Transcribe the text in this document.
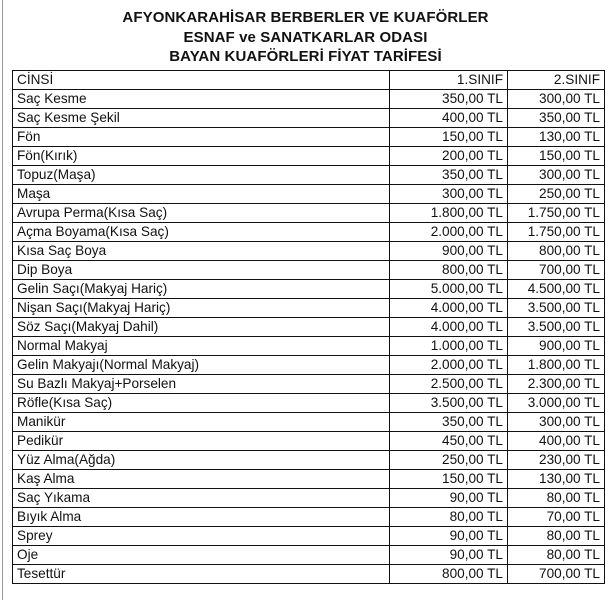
AFYONKARAHİSAR BERBERLER VE KUAFÖRLER
ESNAF ve SANATKARLAR ODASI
BAYAN KUAFÖRLERİ FİYAT TARİFESİ
CİNSİ	1.SINIF	2.SINIF
Saç Kesme	350,00 TL	300,00 TL
Saç Kesme Şekil	400,00 TL	350,00 TL
Fön	150,00 TL	130,00 TL
Fön(Kırık)	200,00 TL	150,00 TL
Topuz(Maşa)	350,00 TL	300,00 TL
Maşa	300,00 TL	250,00 TL
Avrupa Perma(Kısa Saç)	1.800,00 TL	1.750,00 TL
Açma Boyama(Kısa Saç)	2.000,00 TL	1.750,00 TL
Kısa Saç Boya	900,00 TL	800,00 TL
Dip Boya	800,00 TL	700,00 TL
Gelin Saçı(Makyaj Hariç)	5.000,00 TL	4.500,00 TL
Nişan Saçı(Makyaj Hariç)	4.000,00 TL	3.500,00 TL
Söz Saçı(Makyaj Dahil)	4.000,00 TL	3.500,00 TL
Normal Makyaj	1.000,00 TL	900,00 TL
Gelin Makyajı(Normal Makyaj)	2.000,00 TL	1.800,00 TL
Su Bazlı Makyaj+Porselen	2.500,00 TL	2.300,00 TL
Röfle(Kısa Saç)	3.500,00 TL	3.000,00 TL
Manikür	350,00 TL	300,00 TL
Pedikür	450,00 TL	400,00 TL
Yüz Alma(Ağda)	250,00 TL	230,00 TL
Kaş Alma	150,00 TL	130,00 TL
Saç Yıkama	90,00 TL	80,00 TL
Bıyık Alma	80,00 TL	70,00 TL
Sprey	90,00 TL	80,00 TL
Oje	90,00 TL	80,00 TL
Tesettür	800,00 TL	700,00 TL
